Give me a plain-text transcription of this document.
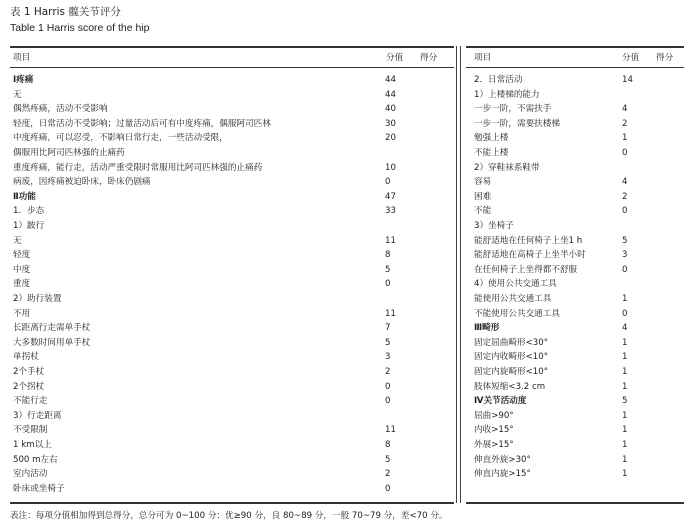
表 1 Harris 髋关节评分
Table 1 Harris score of the hip
项目	分值 得分	项目	分值 得分
Ⅰ疼痛	44
无	44
偶然疼痛，活动不受影响	40
轻度，日常活动不受影响；过量活动后可有中度疼痛，偶服阿司匹林	30
中度疼痛，可以忍受，不影响日常行走，一些活动受限，	20
偶服用比阿司匹林强的止痛药
重度疼痛，能行走，活动严重受限时常服用比阿司匹林强的止痛药	10
病废，因疼痛被迫卧床，卧床仍剧痛	0
Ⅱ功能	47
1．步态	33
1）跛行
无	11
轻度	8
中度	5
重度	0
2）助行装置
不用	11
长距离行走需单手杖	7
大多数时间用单手杖	5
单拐杖	3
2个手杖	2
2个拐杖	0
不能行走	0
3）行走距离
不受限制	11
1 km以上	8
500 m左右	5
室内活动	2
卧床或坐椅子	0
2．日常活动	14
1）上楼梯的能力
一步一阶，不需扶手	4
一步一阶，需要扶楼梯	2
勉强上楼	1
不能上楼	0
2）穿鞋袜系鞋带
容易	4
困难	2
不能	0
3）坐椅子
能舒适地在任何椅子上坐1 h	5
能舒适地在高椅子上坐半小时	3
在任何椅子上坐得都不舒服	0
4）使用公共交通工具
能使用公共交通工具	1
不能使用公共交通工具	0
Ⅲ畸形	4
固定屈曲畸形<30°	1
固定内收畸形<10°	1
固定内旋畸形<10°	1
肢体短缩<3.2 cm	1
Ⅳ关节活动度	5
屈曲>90°	1
内收>15°	1
外展>15°	1
伸直外旋>30°	1
伸直内旋>15°	1
表注：每项分值相加得到总得分，总分可为 0~100 分：优≥90 分，良 80~89 分，一般 70~79 分，差<70 分。
